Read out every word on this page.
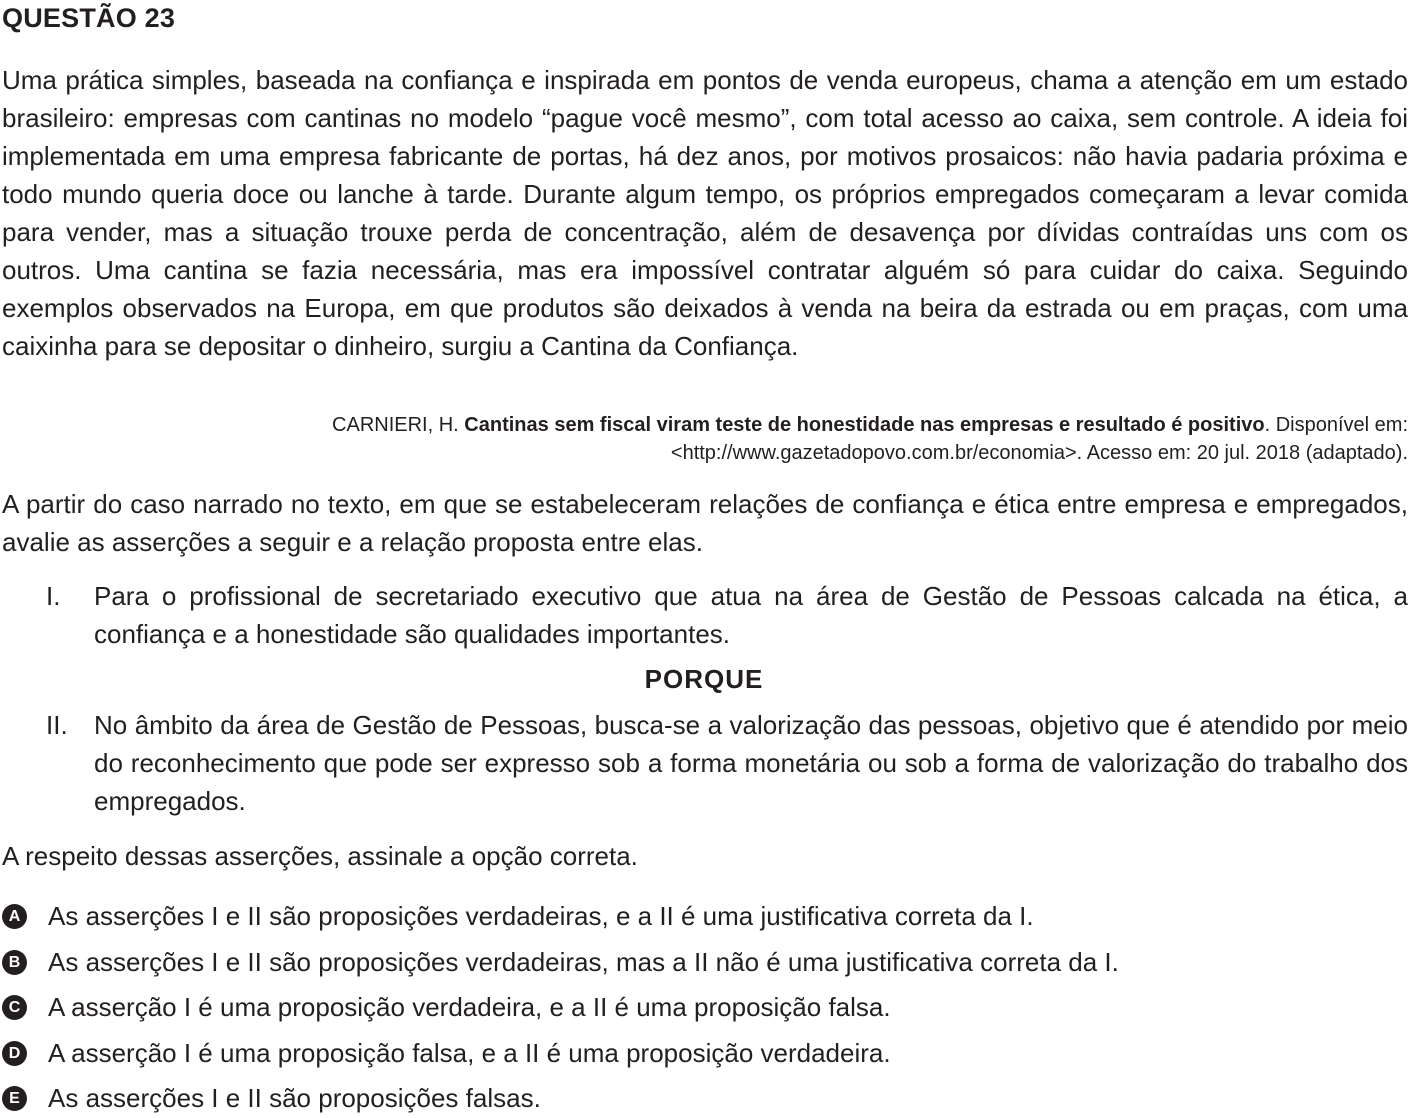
QUESTÃO 23
Uma prática simples, baseada na confiança e inspirada em pontos de venda europeus, chama a atenção em um estado brasileiro: empresas com cantinas no modelo “pague você mesmo”, com total acesso ao caixa, sem controle. A ideia foi implementada em uma empresa fabricante de portas, há dez anos, por motivos prosaicos: não havia padaria próxima e todo mundo queria doce ou lanche à tarde. Durante algum tempo, os próprios empregados começaram a levar comida para vender, mas a situação trouxe perda de concentração, além de desavença por dívidas contraídas uns com os outros. Uma cantina se fazia necessária, mas era impossível contratar alguém só para cuidar do caixa. Seguindo exemplos observados na Europa, em que produtos são deixados à venda na beira da estrada ou em praças, com uma caixinha para se depositar o dinheiro, surgiu a Cantina da Confiança.
CARNIERI, H. Cantinas sem fiscal viram teste de honestidade nas empresas e resultado é positivo. Disponível em:
<http://www.gazetadopovo.com.br/economia>. Acesso em: 20 jul. 2018 (adaptado).
A partir do caso narrado no texto, em que se estabeleceram relações de confiança e ética entre empresa e empregados, avalie as asserções a seguir e a relação proposta entre elas.
I.	Para o profissional de secretariado executivo que atua na área de Gestão de Pessoas calcada na ética, a confiança e a honestidade são qualidades importantes.
PORQUE
II.	No âmbito da área de Gestão de Pessoas, busca-se a valorização das pessoas, objetivo que é atendido por meio do reconhecimento que pode ser expresso sob a forma monetária ou sob a forma de valorização do trabalho dos empregados.
A respeito dessas asserções, assinale a opção correta.
A As asserções I e II são proposições verdadeiras, e a II é uma justificativa correta da I.
B As asserções I e II são proposições verdadeiras, mas a II não é uma justificativa correta da I.
C A asserção I é uma proposição verdadeira, e a II é uma proposição falsa.
D A asserção I é uma proposição falsa, e a II é uma proposição verdadeira.
E As asserções I e II são proposições falsas.
